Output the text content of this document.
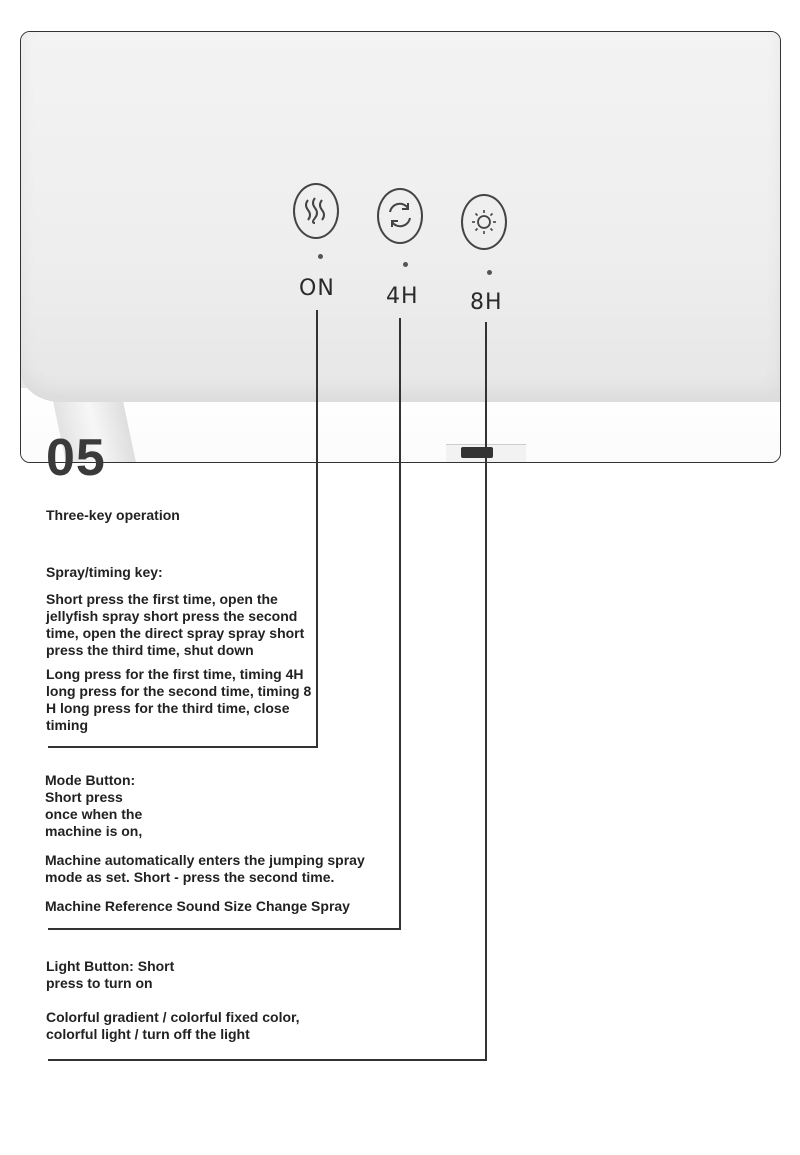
ON 4H 8H
05
Three-key operation

Spray/timing key:

Short press the first time, open the jellyfish spray short press the second time, open the direct spray spray short press the third time, shut down

Long press for the first time, timing 4H long press for the second time, timing 8 H long press for the third time, close timing

Mode Button:

Short press

once when the

machine is on,

Machine automatically enters the jumping spray mode as set. Short - press the second time.

Machine Reference Sound Size Change Spray

Light Button: Short press to turn on

Colorful gradient / colorful fixed color, colorful light / turn off the light
